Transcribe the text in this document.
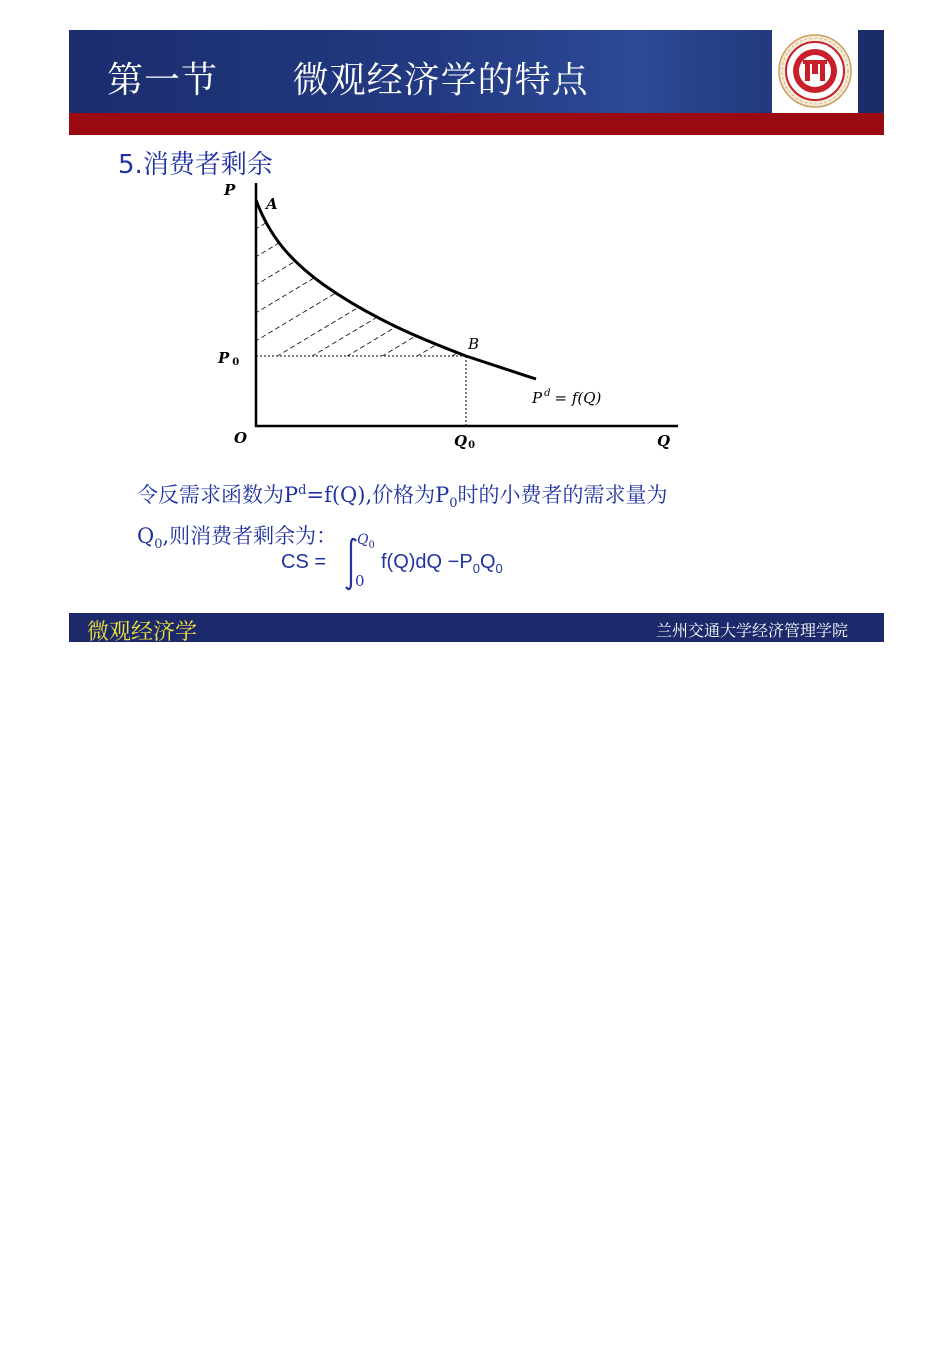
第一节      微观经济学的特点
5.消费者剩余
P
A
B
P 0
O	Q0	Q
P $^d$ = f(Q)
令反需求函数为$P^d=f(Q)$,价格为$P_0$时的小费者的需求量为
$Q_0$,则消费者剩余为：
CS =
$Q_0$
0
$f(Q)dQ -P_0Q_0$
微观经济学	兰州交通大学经济管理学院
